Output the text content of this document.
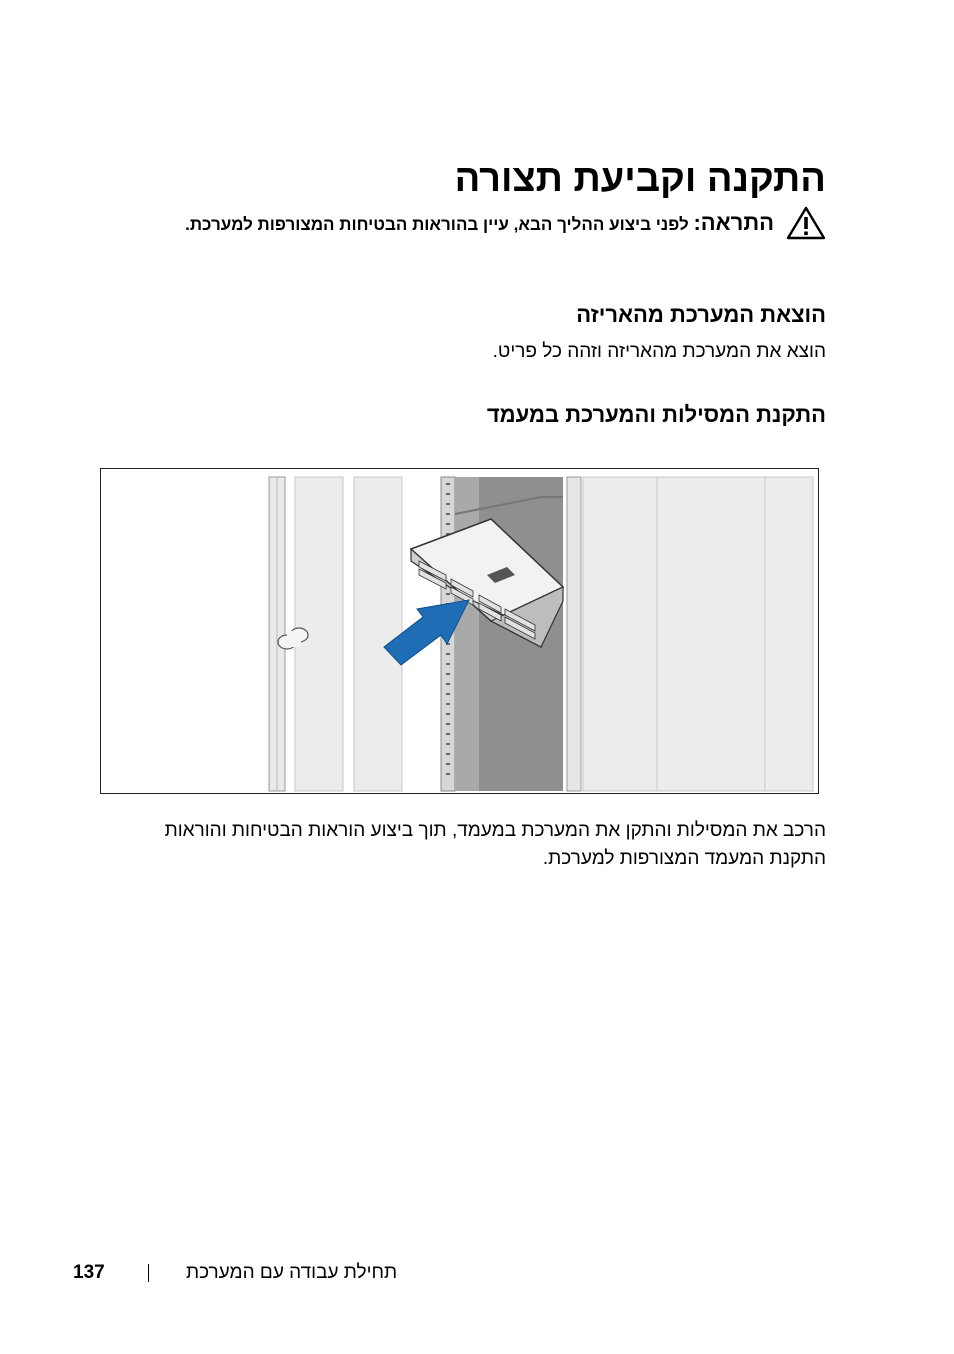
התקנה וקביעת תצורה
התראה: לפני ביצוע ההליך הבא, עיין בהוראות הבטיחות המצורפות למערכת.
הוצאת המערכת מהאריזה
הוצא את המערכת מהאריזה וזהה כל פריט.
התקנת המסילות והמערכת במעמד
הרכב את המסילות והתקן את המערכת במעמד, תוך ביצוע הוראות הבטיחות והוראות התקנת המעמד המצורפות למערכת.
137	תחילת עבודה עם המערכת
